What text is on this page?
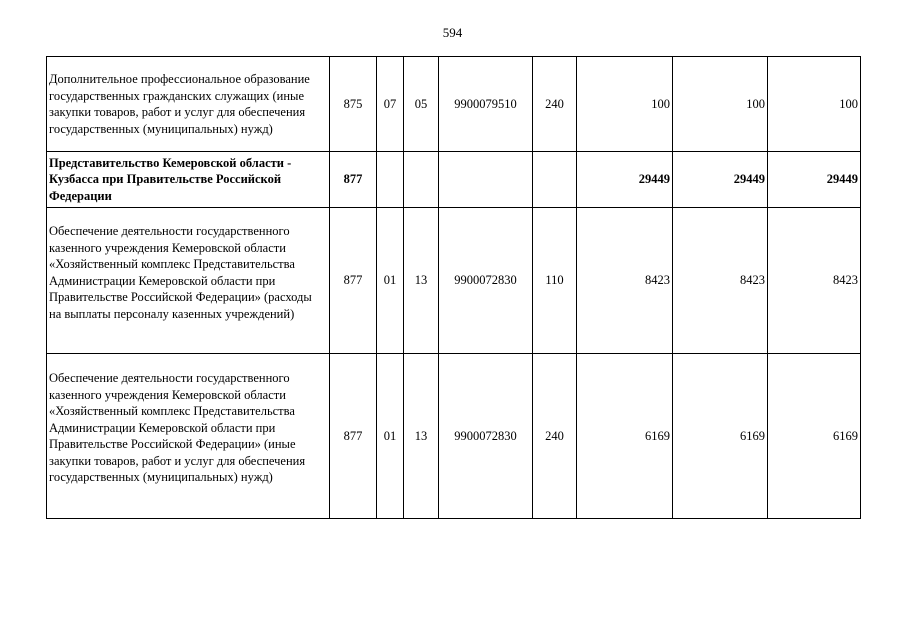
594
Дополнительное профессиональное образование государственных гражданских служащих (иные закупки товаров, работ и услуг для обеспечения государственных (муниципальных) нужд)	875	07	05	9900079510	240	100	100	100
Представительство Кемеровской области - Кузбасса при Правительстве Российской Федерации	877					29449	29449	29449
Обеспечение деятельности государственного казенного учреждения Кемеровской области «Хозяйственный комплекс Представительства Администрации Кемеровской области при Правительстве Российской Федерации» (расходы на выплаты персоналу казенных учреждений)	877	01	13	9900072830	110	8423	8423	8423
Обеспечение деятельности государственного казенного учреждения Кемеровской области «Хозяйственный комплекс Представительства Администрации Кемеровской области при Правительстве Российской Федерации» (иные закупки товаров, работ и услуг для обеспечения государственных (муниципальных) нужд)	877	01	13	9900072830	240	6169	6169	6169
